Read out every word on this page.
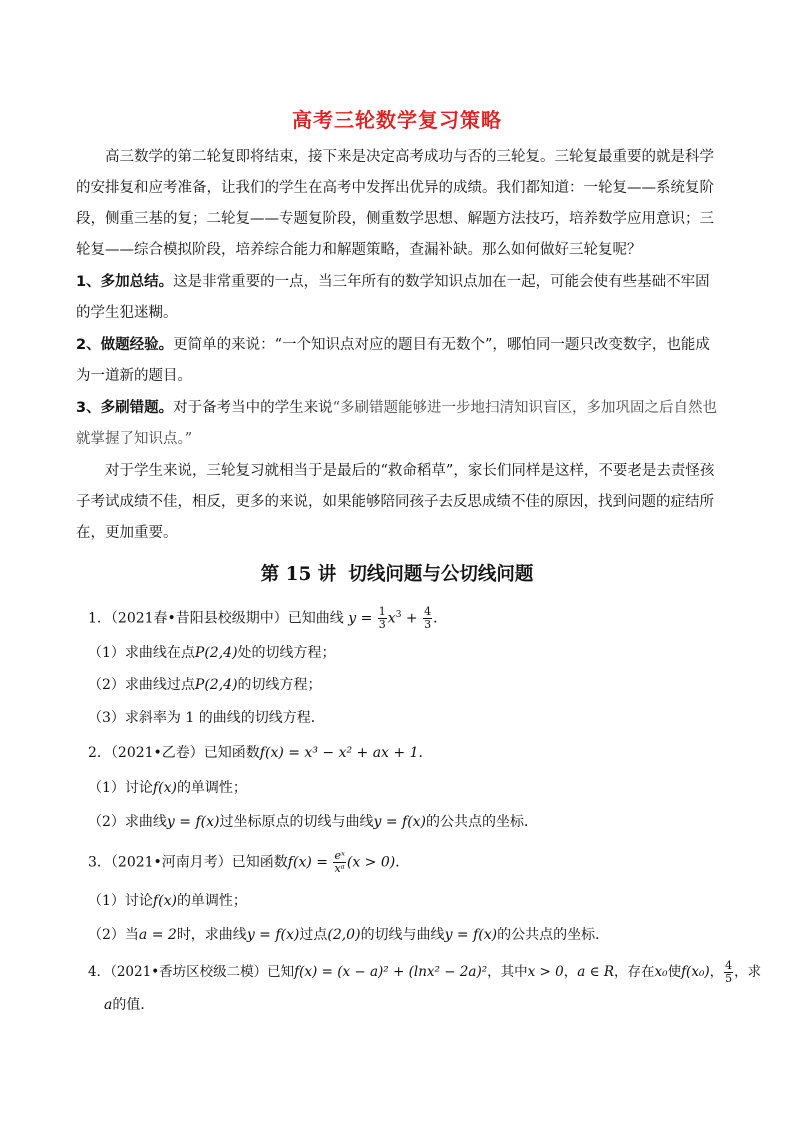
高考三轮数学复习策略
高三数学的第二轮复即将结束，接下来是决定高考成功与否的三轮复。三轮复最重要的就是科学的安排复和应考准备，让我们的学生在高考中发挥出优异的成绩。我们都知道：一轮复——系统复阶段，侧重三基的复；二轮复——专题复阶段，侧重数学思想、解题方法技巧，培养数学应用意识；三轮复——综合模拟阶段，培养综合能力和解题策略，查漏补缺。那么如何做好三轮复呢？
1、多加总结。这是非常重要的一点，当三年所有的数学知识点加在一起，可能会使有些基础不牢固的学生犯迷糊。
2、做题经验。更简单的来说：“一个知识点对应的题目有无数个”，哪怕同一题只改变数字，也能成为一道新的题目。
3、多刷错题。对于备考当中的学生来说“多刷错题能够进一步地扫清知识盲区，多加巩固之后自然也就掌握了知识点。”
对于学生来说，三轮复习就相当于是最后的“救命稻草”，家长们同样是这样，不要老是去责怪孩子考试成绩不佳，相反，更多的来说，如果能够陪同孩子去反思成绩不佳的原因，找到问题的症结所在，更加重要。
第 15 讲 切线问题与公切线问题
1．（2021春•昔阳县校级期中）已知曲线 $y = \frac{1}{3} x^3 + \frac{4}{3}$ ．
（1）求曲线在点P(2,4)处的切线方程；
（2）求曲线过点P(2,4)的切线方程；
（3）求斜率为 1 的曲线的切线方程．
2．（2021•乙卷）已知函数f(x) = x³ − x² + ax + 1．
（1）讨论f(x)的单调性；
（2）求曲线y = f(x)过坐标原点的切线与曲线y = f(x)的公共点的坐标．
3．（2021•河南月考）已知函数$f(x) = \frac{\text{eˣ}}{\text{xᵃ}} (x > 0)$．
（1）讨论f(x)的单调性；
（2）当a = 2时，求曲线y = f(x)过点(2,0)的切线与曲线y = f(x)的公共点的坐标．
4．（2021•香坊区校级二模）已知f(x) = (x − a)² + (lnx² − 2a)²，其中x > 0，a ∈ R，存在x₀使f(x₀)， $\frac{4}{5}$ ，求
a的值．
